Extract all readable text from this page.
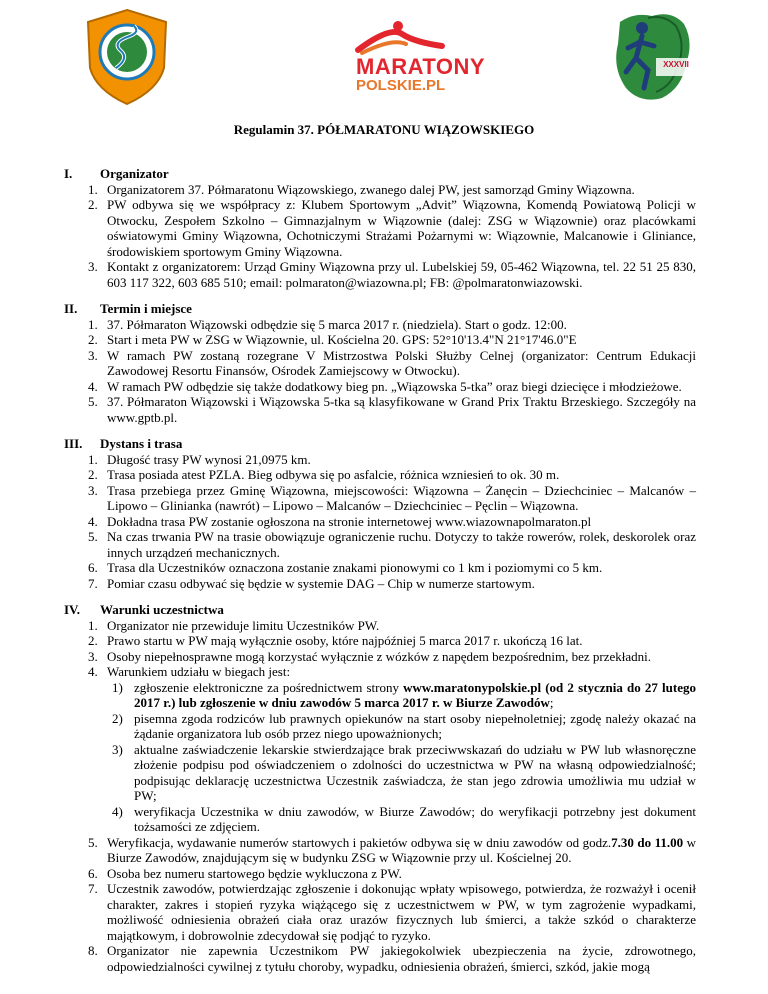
MARATONY
POLSKIE.PL
XXXVII
Regulamin 37. PÓŁMARATONU WIĄZOWSKIEGO
I.	Organizator
1. Organizatorem 37. Półmaratonu Wiązowskiego, zwanego dalej PW, jest samorząd Gminy Wiązowna.
2. PW odbywa się we współpracy z: Klubem Sportowym „Advit” Wiązowna, Komendą Powiatową Policji w Otwocku, Zespołem Szkolno – Gimnazjalnym w Wiązownie (dalej: ZSG w Wiązownie) oraz placówkami oświatowymi Gminy Wiązowna, Ochotniczymi Strażami Pożarnymi w: Wiązownie, Malcanowie i Gliniance, środowiskiem sportowym Gminy Wiązowna.
3. Kontakt z organizatorem: Urząd Gminy Wiązowna przy ul. Lubelskiej 59, 05-462 Wiązowna, tel. 22 51 25 830, 603 117 322, 603 685 510; email: polmaraton@wiazowna.pl; FB: @polmaratonwiazowski.
II.	Termin i miejsce
1. 37. Półmaraton Wiązowski odbędzie się 5 marca 2017 r. (niedziela). Start o godz. 12:00.
2. Start i meta PW w ZSG w Wiązownie, ul. Kościelna 20. GPS: 52°10'13.4"N 21°17'46.0"E
3. W ramach PW zostaną rozegrane V Mistrzostwa Polski Służby Celnej (organizator: Centrum Edukacji Zawodowej Resortu Finansów, Ośrodek Zamiejscowy w Otwocku).
4. W ramach PW odbędzie się także dodatkowy bieg pn. „Wiązowska 5-tka” oraz biegi dziecięce i młodzieżowe.
5. 37. Półmaraton Wiązowski i Wiązowska 5-tka są klasyfikowane w Grand Prix Traktu Brzeskiego. Szczegóły na www.gptb.pl.
III.	Dystans i trasa
1. Długość trasy PW wynosi 21,0975 km.
2. Trasa posiada atest PZLA. Bieg odbywa się po asfalcie, różnica wzniesień to ok. 30 m.
3. Trasa przebiega przez Gminę Wiązowna, miejscowości: Wiązowna – Żanęcin – Dziechciniec – Malcanów – Lipowo – Glinianka (nawrót) – Lipowo – Malcanów – Dziechciniec – Pęclin – Wiązowna.
4. Dokładna trasa PW zostanie ogłoszona na stronie internetowej www.wiazownapolmaraton.pl
5. Na czas trwania PW na trasie obowiązuje ograniczenie ruchu. Dotyczy to także rowerów, rolek, deskorolek oraz innych urządzeń mechanicznych.
6. Trasa dla Uczestników oznaczona zostanie znakami pionowymi co 1 km i poziomymi co 5 km.
7. Pomiar czasu odbywać się będzie w systemie DAG – Chip w numerze startowym.
IV.	Warunki uczestnictwa
1. Organizator nie przewiduje limitu Uczestników PW.
2. Prawo startu w PW mają wyłącznie osoby, które najpóźniej 5 marca 2017 r. ukończą 16 lat.
3. Osoby niepełnosprawne mogą korzystać wyłącznie z wózków z napędem bezpośrednim, bez przekładni.
4. Warunkiem udziału w biegach jest:
1) zgłoszenie elektroniczne za pośrednictwem strony www.maratonypolskie.pl (od 2 stycznia do 27 lutego 2017 r.) lub zgłoszenie w dniu zawodów 5 marca 2017 r. w Biurze Zawodów;
2) pisemna zgoda rodziców lub prawnych opiekunów na start osoby niepełnoletniej; zgodę należy okazać na żądanie organizatora lub osób przez niego upoważnionych;
3) aktualne zaświadczenie lekarskie stwierdzające brak przeciwwskazań do udziału w PW lub własnoręczne złożenie podpisu pod oświadczeniem o zdolności do uczestnictwa w PW na własną odpowiedzialność; podpisując deklarację uczestnictwa Uczestnik zaświadcza, że stan jego zdrowia umożliwia mu udział w PW;
4) weryfikacja Uczestnika w dniu zawodów, w Biurze Zawodów; do weryfikacji potrzebny jest dokument tożsamości ze zdjęciem.
5. Weryfikacja, wydawanie numerów startowych i pakietów odbywa się w dniu zawodów od godz.7.30 do 11.00 w Biurze Zawodów, znajdującym się w budynku ZSG w Wiązownie przy ul. Kościelnej 20.
6. Osoba bez numeru startowego będzie wykluczona z PW.
7. Uczestnik zawodów, potwierdzając zgłoszenie i dokonując wpłaty wpisowego, potwierdza, że rozważył i ocenił charakter, zakres i stopień ryzyka wiążącego się z uczestnictwem w PW, w tym zagrożenie wypadkami, możliwość odniesienia obrażeń ciała oraz urazów fizycznych lub śmierci, a także szkód o charakterze majątkowym, i dobrowolnie zdecydował się podjąć to ryzyko.
8. Organizator nie zapewnia Uczestnikom PW jakiegokolwiek ubezpieczenia na życie, zdrowotnego, odpowiedzialności cywilnej z tytułu choroby, wypadku, odniesienia obrażeń, śmierci, szkód, jakie mogą
